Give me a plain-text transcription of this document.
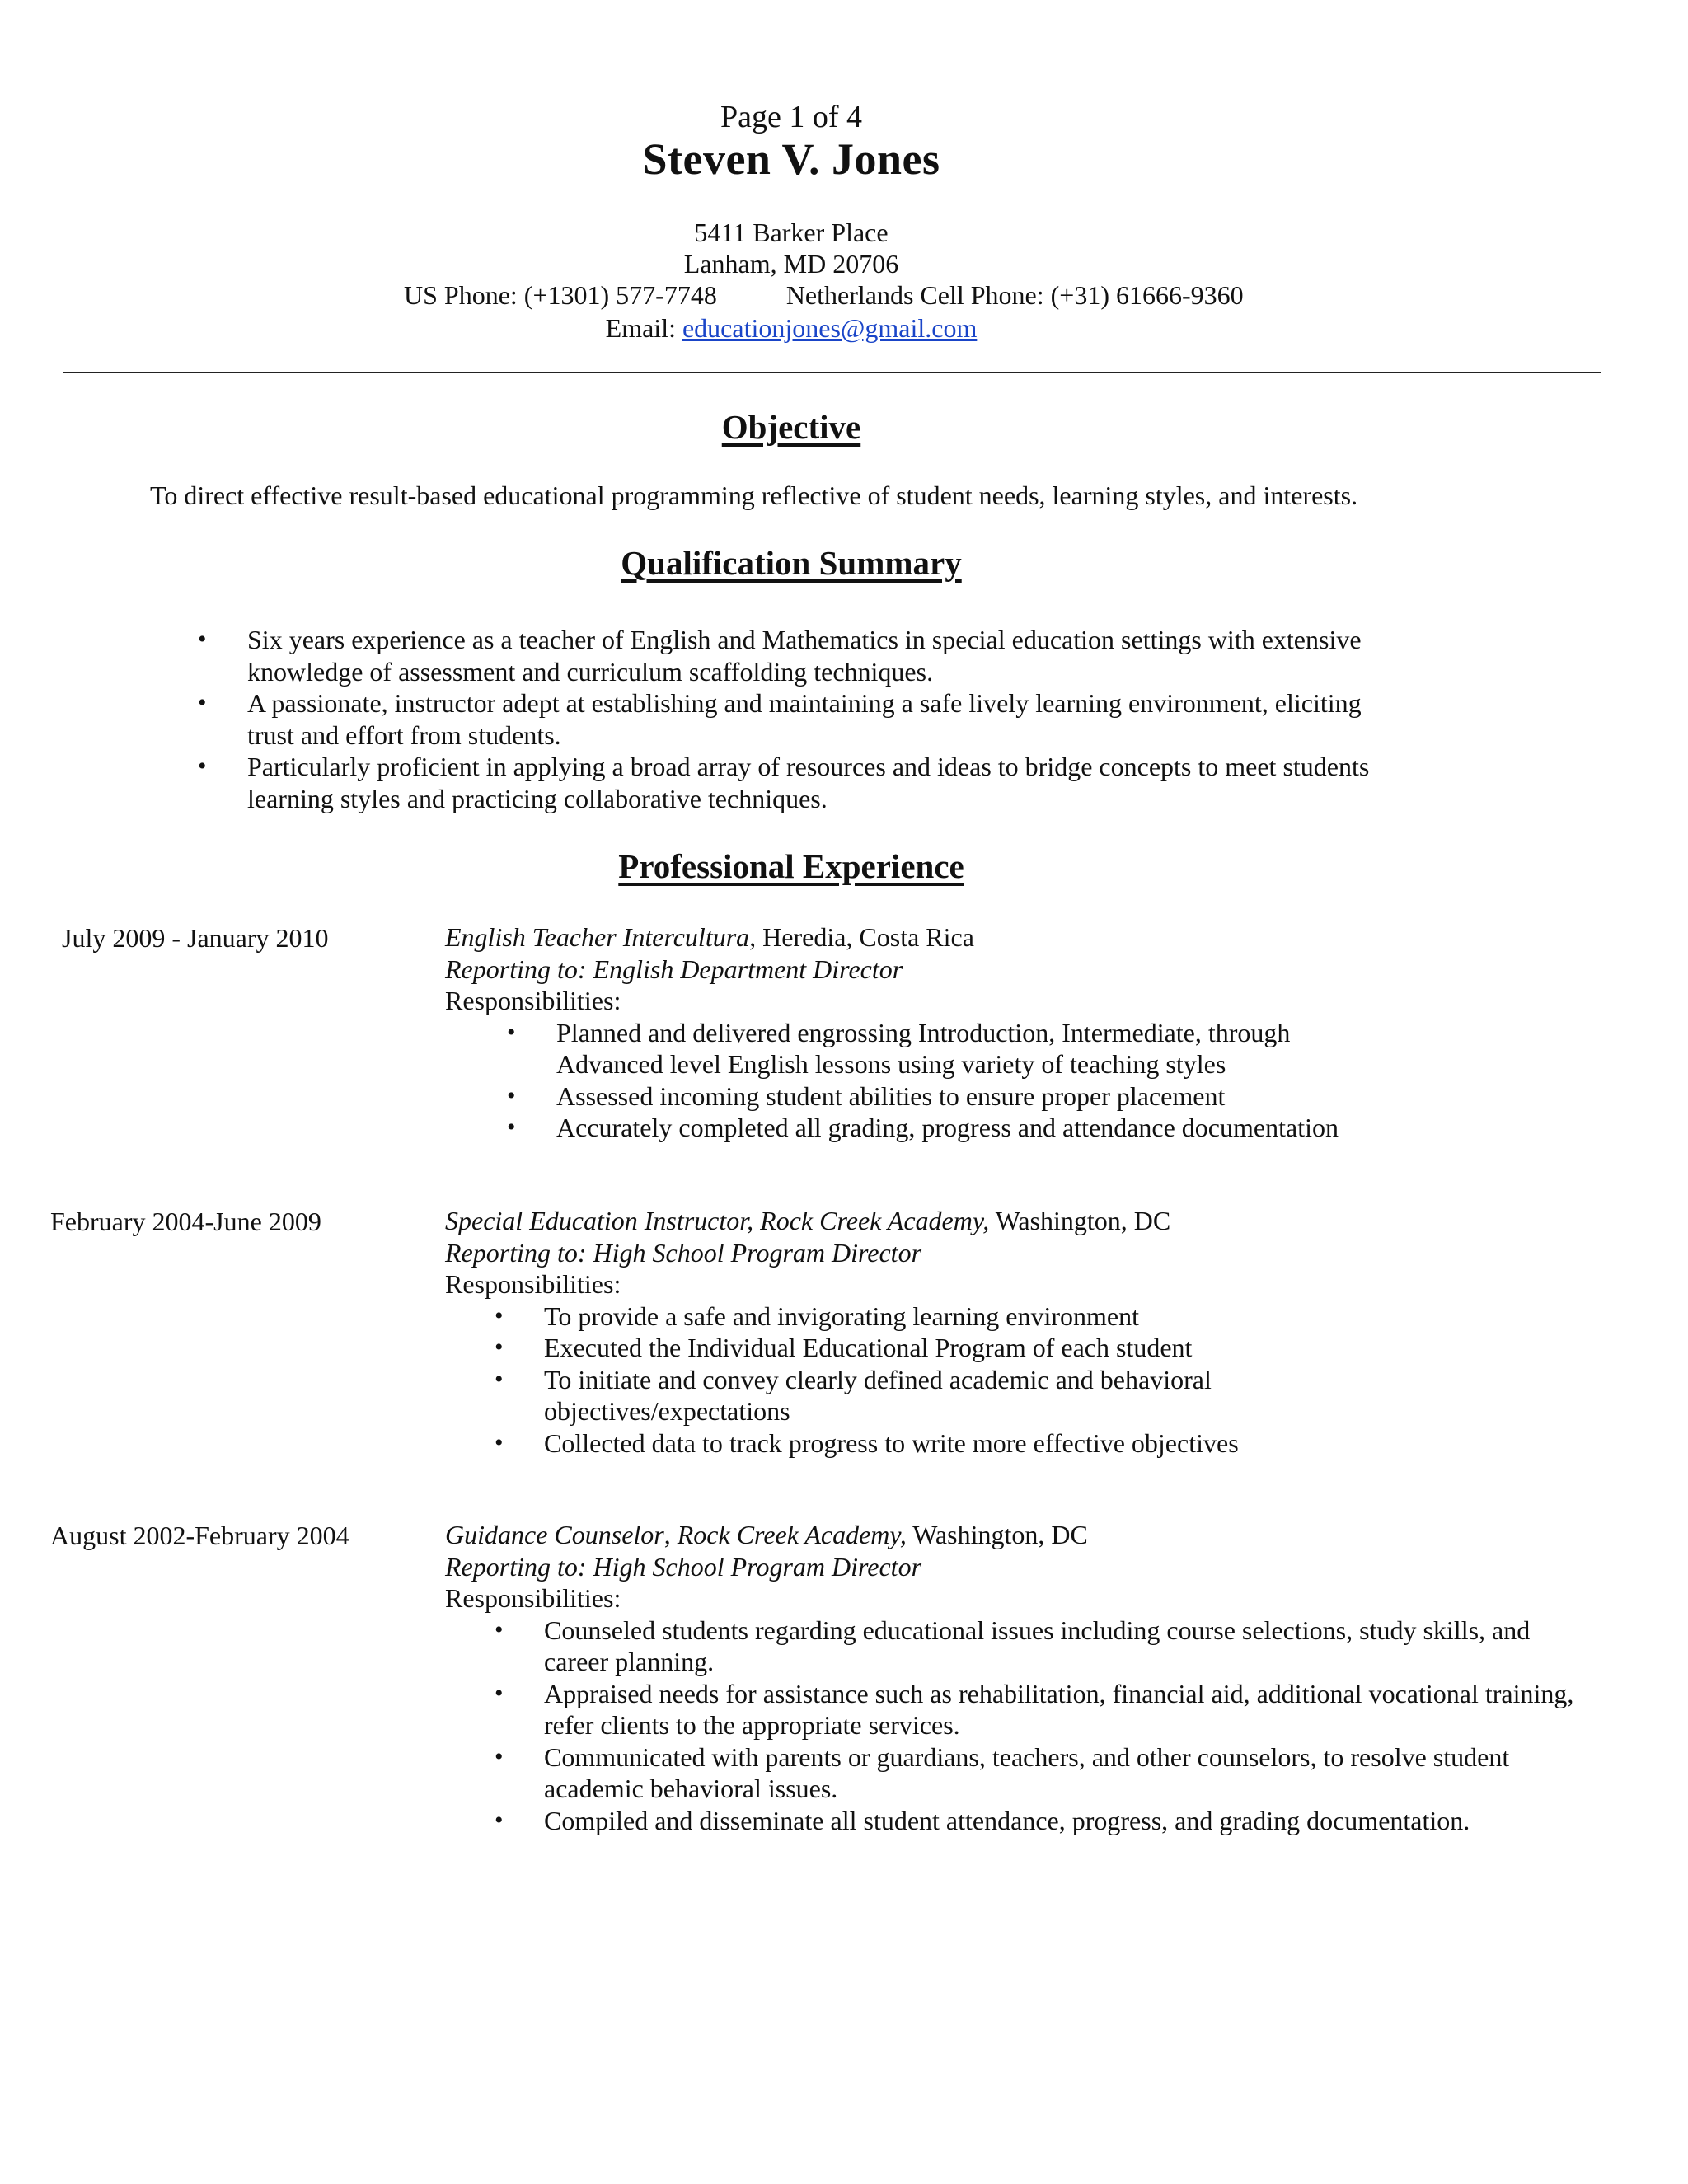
Page 1 of 4
Steven V. Jones
5411 Barker Place
Lanham, MD 20706
US Phone: (+1301) 577-7748	Netherlands Cell Phone: (+31) 61666-9360
Email: educationjones@gmail.com
Objective
To direct effective result-based educational programming reflective of student needs, learning styles, and interests.
Qualification Summary
• Six years experience as a teacher of English and Mathematics in special education settings with extensive
knowledge of assessment and curriculum scaffolding techniques.
• A passionate, instructor adept at establishing and maintaining a safe lively learning environment, eliciting
trust and effort from students.
• Particularly proficient in applying a broad array of resources and ideas to bridge concepts to meet students
learning styles and practicing collaborative techniques.
Professional Experience
July 2009 - January 2010	English Teacher Intercultura, Heredia, Costa Rica
Reporting to: English Department Director
Responsibilities:
• Planned and delivered engrossing Introduction, Intermediate, through
Advanced level English lessons using variety of teaching styles
• Assessed incoming student abilities to ensure proper placement
• Accurately completed all grading, progress and attendance documentation
February 2004-June 2009	Special Education Instructor, Rock Creek Academy, Washington, DC
Reporting to: High School Program Director
Responsibilities:
• To provide a safe and invigorating learning environment
• Executed the Individual Educational Program of each student
• To initiate and convey clearly defined academic and behavioral
objectives/expectations
• Collected data to track progress to write more effective objectives
August 2002-February 2004	Guidance Counselor, Rock Creek Academy, Washington, DC
Reporting to: High School Program Director
Responsibilities:
• Counseled students regarding educational issues including course selections, study skills, and
career planning.
• Appraised needs for assistance such as rehabilitation, financial aid, additional vocational training,
refer clients to the appropriate services.
• Communicated with parents or guardians, teachers, and other counselors, to resolve student
academic behavioral issues.
• Compiled and disseminate all student attendance, progress, and grading documentation.
